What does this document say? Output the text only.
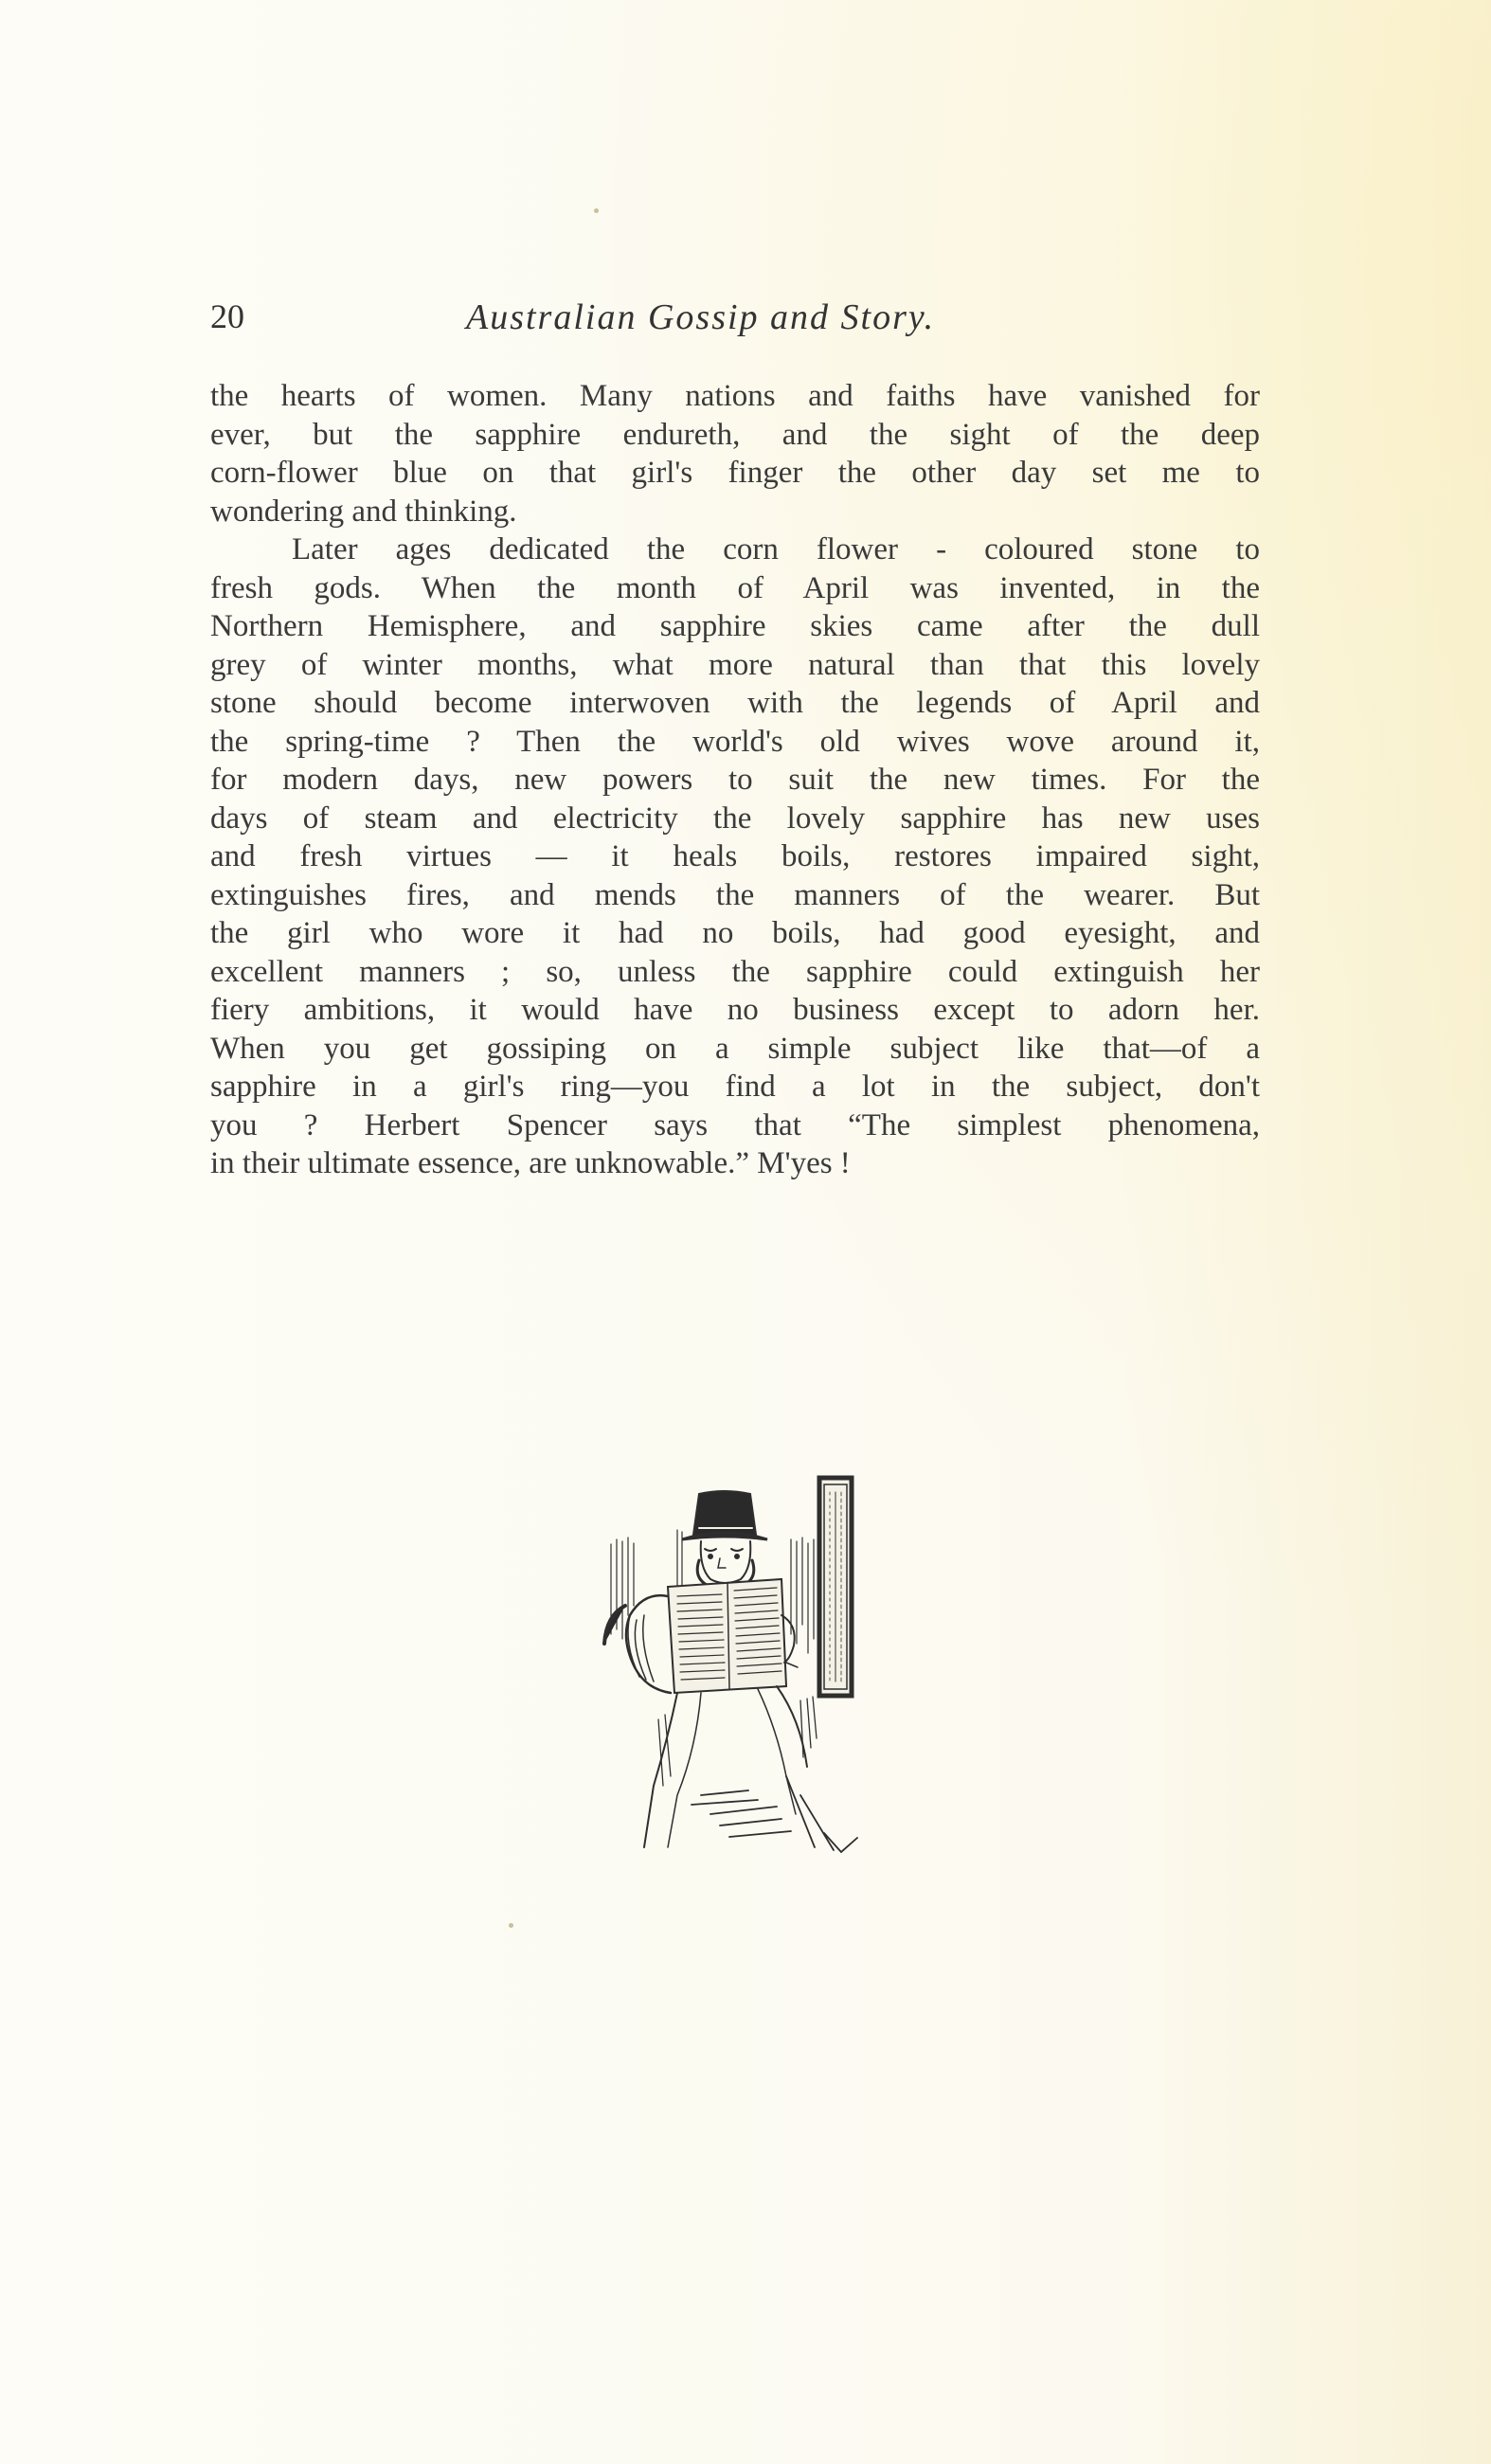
20	Australian Gossip and Story.
the hearts of women. Many nations and faiths have vanished for
ever, but the sapphire endureth, and the sight of the deep
corn-flower blue on that girl's finger the other day set me to
wondering and thinking.
Later ages dedicated the corn flower - coloured stone to
fresh gods. When the month of April was invented, in the
Northern Hemisphere, and sapphire skies came after the dull
grey of winter months, what more natural than that this lovely
stone should become interwoven with the legends of April and
the spring-time ? Then the world's old wives wove around it,
for modern days, new powers to suit the new times. For the
days of steam and electricity the lovely sapphire has new uses
and fresh virtues — it heals boils, restores impaired sight,
extinguishes fires, and mends the manners of the wearer. But
the girl who wore it had no boils, had good eyesight, and
excellent manners ; so, unless the sapphire could extinguish her
fiery ambitions, it would have no business except to adorn her.
When you get gossiping on a simple subject like that—of a
sapphire in a girl's ring—you find a lot in the subject, don't
you ? Herbert Spencer says that “The simplest phenomena,
in their ultimate essence, are unknowable.” M'yes !
